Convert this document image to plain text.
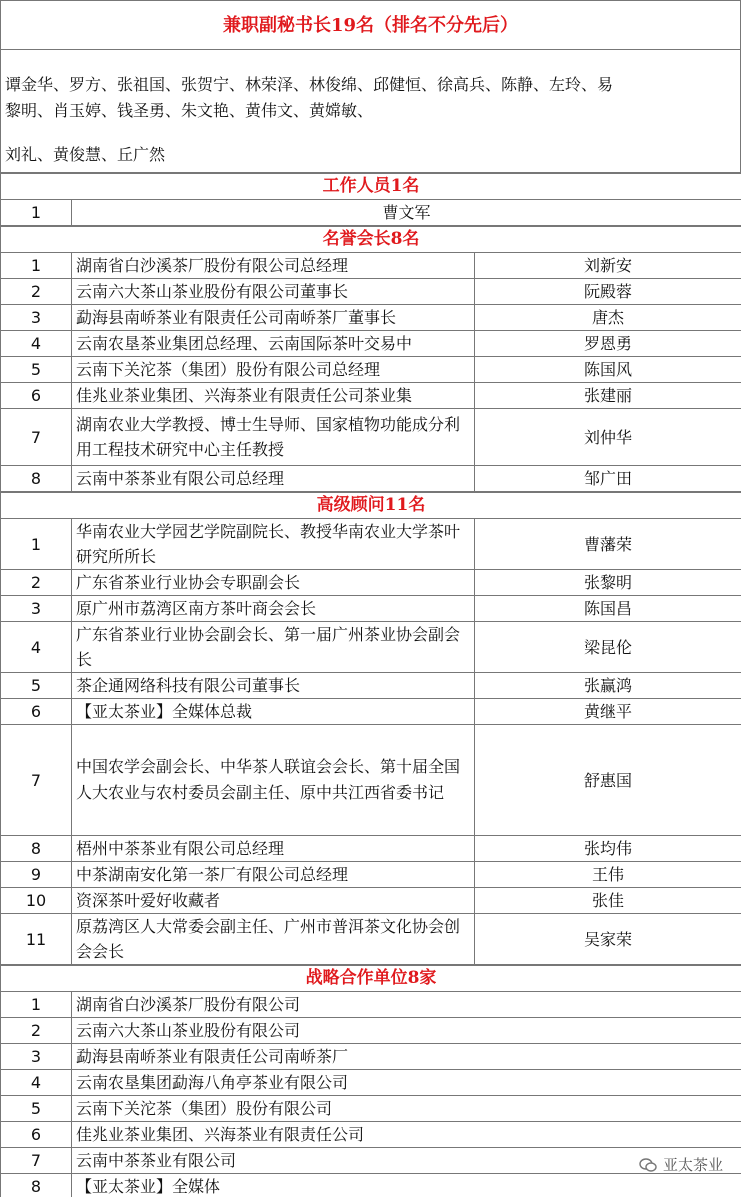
兼职副秘书长19名（排名不分先后）
谭金华、罗方、张祖国、张贺宁、林荣泽、林俊绵、邱健恒、徐高兵、陈静、左玲、易
黎明、肖玉婷、钱圣勇、朱文艳、黄伟文、黄嫦敏、
刘礼、黄俊慧、丘广然
工作人员1名
1	曹文军
名誉会长8名		
1	湖南省白沙溪茶厂股份有限公司总经理	刘新安
2	云南六大茶山茶业股份有限公司董事长	阮殿蓉
3	勐海县南峤茶业有限责任公司南峤茶厂董事长	唐杰
4	云南农垦茶业集团总经理、云南国际茶叶交易中	罗恩勇
5	云南下关沱茶（集团）股份有限公司总经理	陈国风
6	佳兆业茶业集团、兴海茶业有限责任公司茶业集	张建丽
7	湖南农业大学教授、博士生导师、国家植物功能成分利用工程技术研究中心主任教授	刘仲华
8	云南中茶茶业有限公司总经理	邹广田
高级顾问11名		
1	华南农业大学园艺学院副院长、教授华南农业大学茶叶研究所所长	曹藩荣
2	广东省茶业行业协会专职副会长	张黎明
3	原广州市荔湾区南方茶叶商会会长	陈国昌
4	广东省茶业行业协会副会长、第一届广州茶业协会副会长	梁昆伦
5	茶企通网络科技有限公司董事长	张赢鸿
6	【亚太茶业】全媒体总裁	黄继平
7	中国农学会副会长、中华茶人联谊会会长、第十届全国人大农业与农村委员会副主任、原中共江西省委书记	舒惠国
8	梧州中茶茶业有限公司总经理	张均伟
9	中茶湖南安化第一茶厂有限公司总经理	王伟
10	资深茶叶爱好收藏者	张佳
11	原荔湾区人大常委会副主任、广州市普洱茶文化协会创会会长	吴家荣
战略合作单位8家	
1	湖南省白沙溪茶厂股份有限公司
2	云南六大茶山茶业股份有限公司
3	勐海县南峤茶业有限责任公司南峤茶厂
4	云南农垦集团勐海八角亭茶业有限公司
5	云南下关沱茶（集团）股份有限公司
6	佳兆业茶业集团、兴海茶业有限责任公司
7	云南中茶茶业有限公司
8	【亚太茶业】全媒体
亚太茶业
